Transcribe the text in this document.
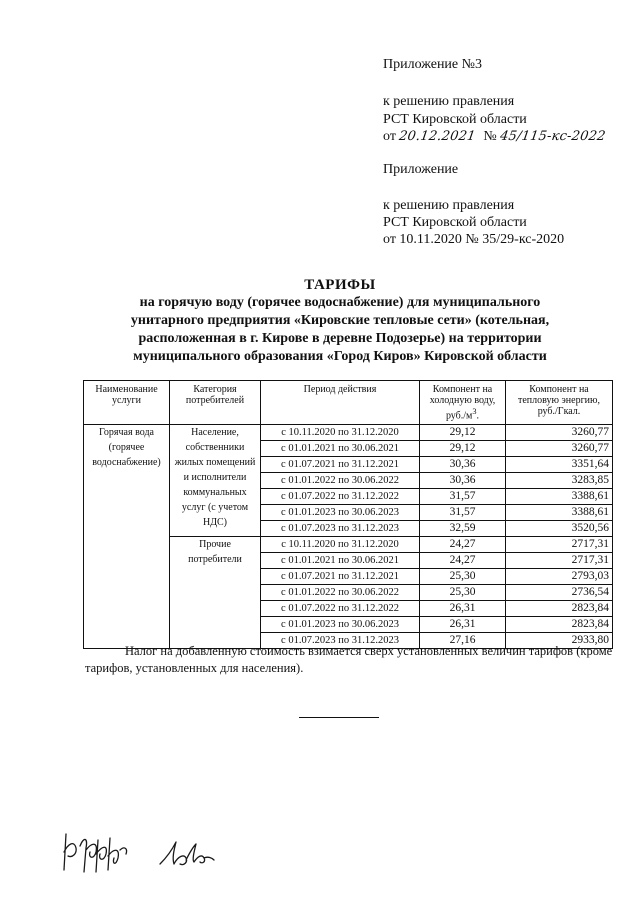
Приложение №3
к решению правления
РСТ Кировской области
от 20.12.2021 № 45/115-кс-2022
Приложение
к решению правления
РСТ Кировской области
от 10.11.2020 № 35/29-кс-2020
ТАРИФЫ
на горячую воду (горячее водоснабжение) для муниципального
унитарного предприятия «Кировские тепловые сети» (котельная,
расположенная в г. Кирове в деревне Подозерье) на территории
муниципального образования «Город Киров» Кировской области
Наименование услуги	Категория потребителей	Период действия	Компонент на холодную воду, $руб./м^3$.	Компонент на тепловую энергию, руб./Гкал.
Горячая вода (горячее водоснабжение)	Население, собственники жилых помещений и исполнители коммунальных услуг (с учетом НДС)	с 10.11.2020 по 31.12.2020	29,12	3260,77
		с 01.01.2021 по 30.06.2021	29,12	3260,77
		с 01.07.2021 по 31.12.2021	30,36	3351,64
		с 01.01.2022 по 30.06.2022	30,36	3283,85
		с 01.07.2022 по 31.12.2022	31,57	3388,61
		с 01.01.2023 по 30.06.2023	31,57	3388,61
		с 01.07.2023 по 31.12.2023	32,59	3520,56
	Прочие потребители	с 10.11.2020 по 31.12.2020	24,27	2717,31
		с 01.01.2021 по 30.06.2021	24,27	2717,31
		с 01.07.2021 по 31.12.2021	25,30	2793,03
		с 01.01.2022 по 30.06.2022	25,30	2736,54
		с 01.07.2022 по 31.12.2022	26,31	2823,84
		с 01.01.2023 по 30.06.2023	26,31	2823,84
		с 01.07.2023 по 31.12.2023	27,16	2933,80
Налог на добавленную стоимость взимается сверх установленных величин тарифов (кроме тарифов, установленных для населения).
